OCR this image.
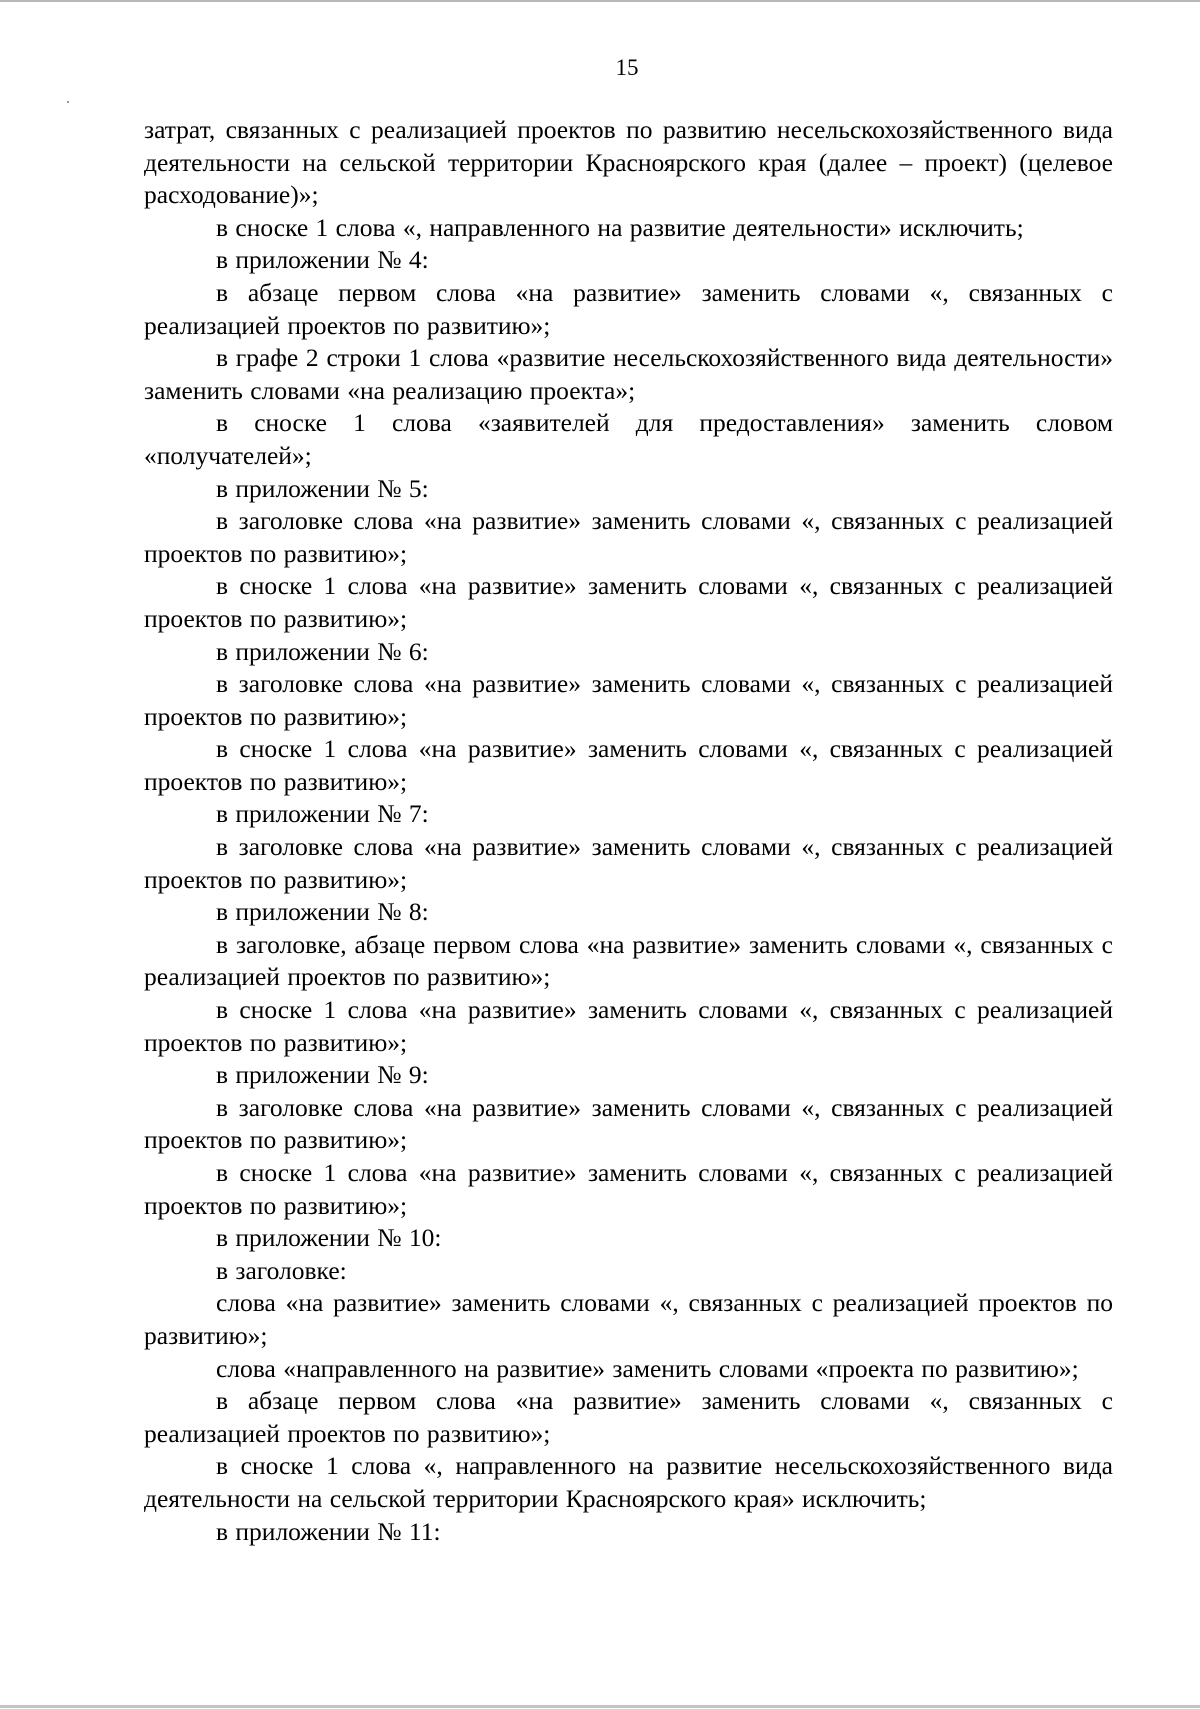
15

затрат, связанных с реализацией проектов по развитию несельскохозяйственного вида деятельности на сельской территории Красноярского края (далее – проект) (целевое расходование)»;

в сноске 1 слова «, направленного на развитие деятельности» исключить;

в приложении № 4:

в абзаце первом слова «на развитие» заменить словами «, связанных с реализацией проектов по развитию»;

в графе 2 строки 1 слова «развитие несельскохозяйственного вида деятельности» заменить словами «на реализацию проекта»;

в сноске 1 слова «заявителей для предоставления» заменить словом «получателей»;

в приложении № 5:

в заголовке слова «на развитие» заменить словами «, связанных с реализацией проектов по развитию»;

в сноске 1 слова «на развитие» заменить словами «, связанных с реализацией проектов по развитию»;

в приложении № 6:

в заголовке слова «на развитие» заменить словами «, связанных с реализацией проектов по развитию»;

в сноске 1 слова «на развитие» заменить словами «, связанных с реализацией проектов по развитию»;

в приложении № 7:

в заголовке слова «на развитие» заменить словами «, связанных с реализацией проектов по развитию»;

в приложении № 8:

в заголовке, абзаце первом слова «на развитие» заменить словами «, связанных с реализацией проектов по развитию»;

в сноске 1 слова «на развитие» заменить словами «, связанных с реализацией проектов по развитию»;

в приложении № 9:

в заголовке слова «на развитие» заменить словами «, связанных с реализацией проектов по развитию»;

в сноске 1 слова «на развитие» заменить словами «, связанных с реализацией проектов по развитию»;

в приложении № 10:

в заголовке:

слова «на развитие» заменить словами «, связанных с реализацией проектов по развитию»;

слова «направленного на развитие» заменить словами «проекта по развитию»;

в абзаце первом слова «на развитие» заменить словами «, связанных с реализацией проектов по развитию»;

в сноске 1 слова «, направленного на развитие несельскохозяйственного вида деятельности на сельской территории Красноярского края» исключить;

в приложении № 11:
